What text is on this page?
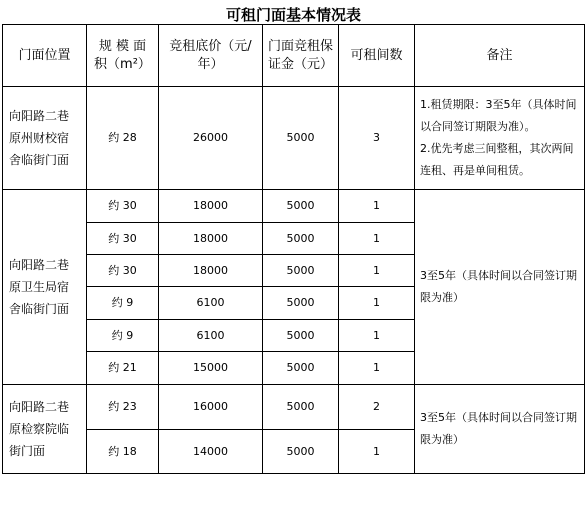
可租门面基本情况表
门面位置	规 模 面 积（m²）	竞租底价（元/年）	门面竞租保证金（元）	可租间数	备注
向阳路二巷原州财校宿舍临街门面	约 28	26000	5000	3	1.租赁期限：3至5年（具体时间以合同签订期限为准）。

2.优先考虑三间整租，其次两间连租、再是单间租赁。

向阳路二巷原卫生局宿舍临街门面	约 30	18000	5000	1	3至5年（具体时间以合同签订期限为准）

	约 30	18000	5000	1	
	约 30	18000	5000	1	
	约 9	6100	5000	1	
	约 9	6100	5000	1	
	约 21	15000	5000	1	
向阳路二巷原检察院临街门面	约 23	16000	5000	2	3至5年（具体时间以合同签订期限为准）

	约 18	14000	5000	1	
